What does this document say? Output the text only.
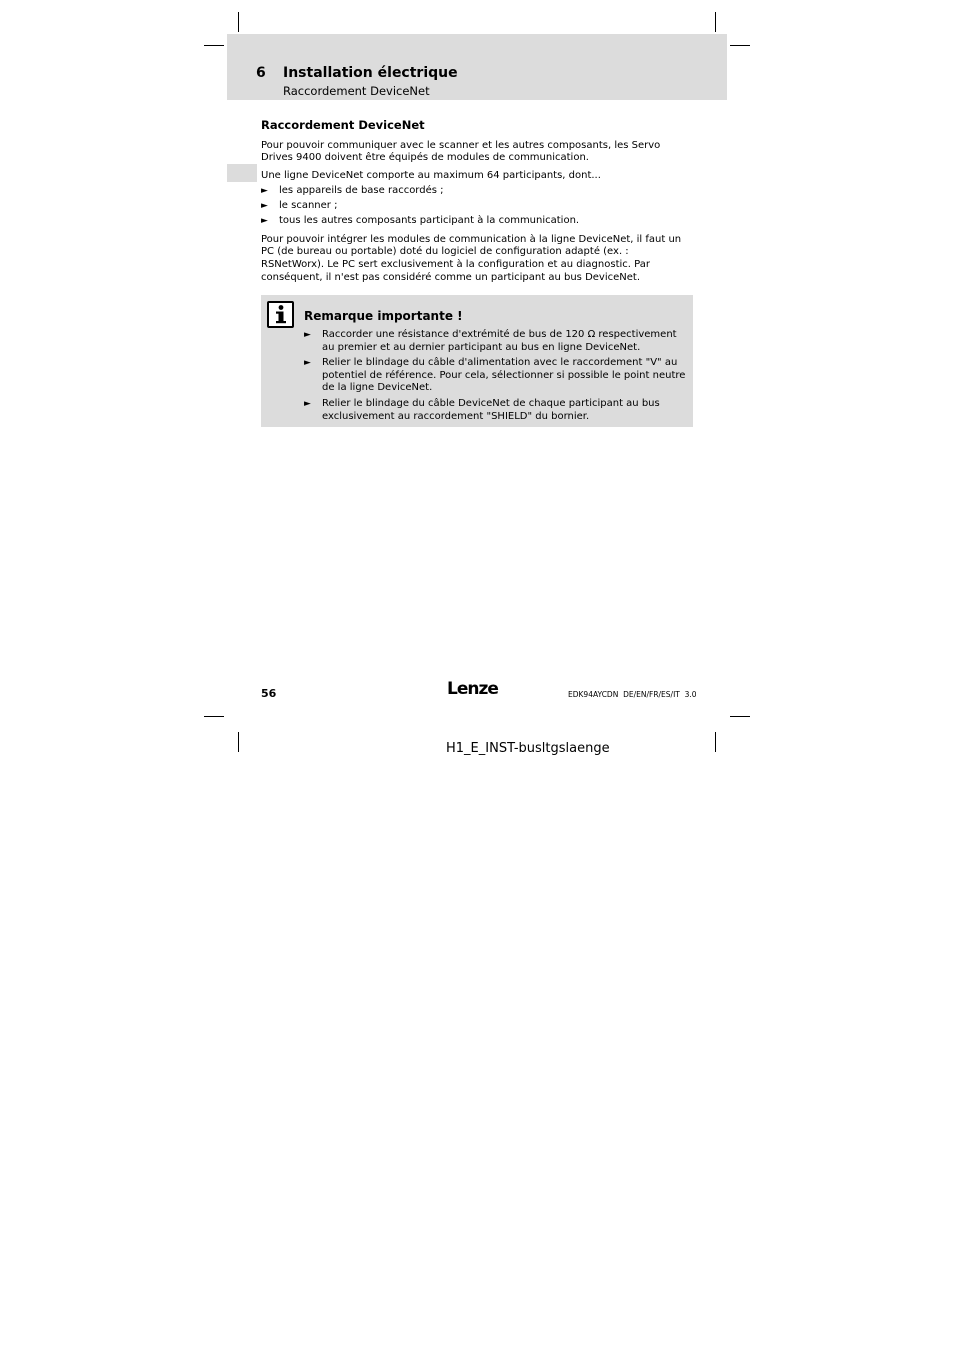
6 Installation électrique
Raccordement DeviceNet
Raccordement DeviceNet

Pour pouvoir communiquer avec le scanner et les autres composants, les Servo Drives 9400 doivent être équipés de modules de communication.

Une ligne DeviceNet comporte au maximum 64 participants, dont...

► les appareils de base raccordés ;
► le scanner ;
► tous les autres composants participant à la communication.

Pour pouvoir intégrer les modules de communication à la ligne DeviceNet, il faut un PC (de bureau ou portable) doté du logiciel de configuration adapté (ex. : RSNetWorx). Le PC sert exclusivement à la configuration et au diagnostic. Par conséquent, il n'est pas considéré comme un participant au bus DeviceNet.

Remarque importante !
► Raccorder une résistance d'extrémité de bus de 120 Ω respectivement au premier et au dernier participant au bus en ligne DeviceNet.
► Relier le blindage du câble d'alimentation avec le raccordement "V" au potentiel de référence. Pour cela, sélectionner si possible le point neutre de la ligne DeviceNet.
► Relier le blindage du câble DeviceNet de chaque participant au bus exclusivement au raccordement "SHIELD" du bornier.
56	Lenze	EDK94AYCDN  DE/EN/FR/ES/IT  3.0
H1_E_INST-busltgslaenge
